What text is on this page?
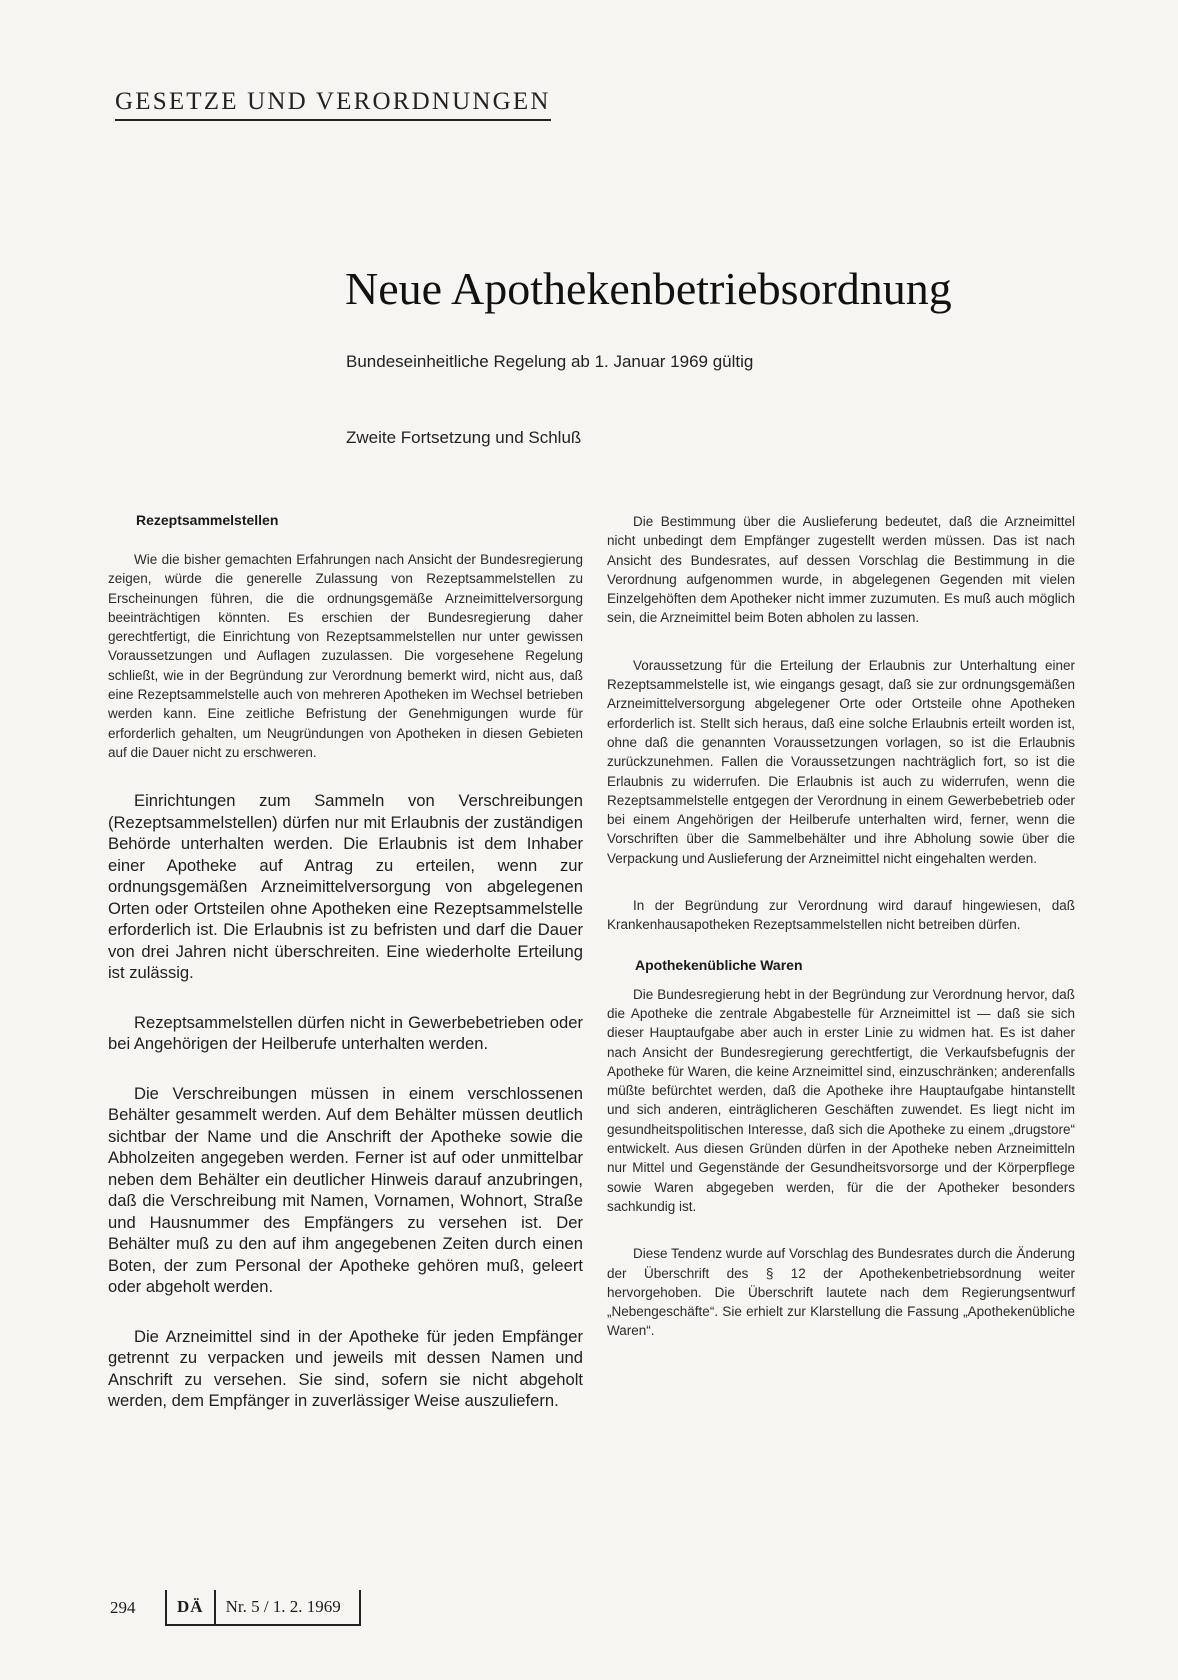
GESETZE UND VERORDNUNGEN
Neue Apothekenbetriebsordnung
Bundeseinheitliche Regelung ab 1. Januar 1969 gültig
Zweite Fortsetzung und Schluß
Rezeptsammelstellen

Wie die bisher gemachten Erfahrungen nach Ansicht der Bundesregierung zeigen, würde die generelle Zulassung von Rezeptsammelstellen zu Erscheinungen führen, die die ordnungsgemäße Arzneimittelversorgung beeinträchtigen könnten. Es erschien der Bundesregierung daher gerechtfertigt, die Einrichtung von Rezeptsammelstellen nur unter gewissen Voraussetzungen und Auflagen zuzulassen. Die vorgesehene Regelung schließt, wie in der Begründung zur Verordnung bemerkt wird, nicht aus, daß eine Rezeptsammelstelle auch von mehreren Apotheken im Wechsel betrieben werden kann. Eine zeitliche Befristung der Genehmigungen wurde für erforderlich gehalten, um Neugründungen von Apotheken in diesen Gebieten auf die Dauer nicht zu erschweren.

Einrichtungen zum Sammeln von Verschreibungen (Rezeptsammelstellen) dürfen nur mit Erlaubnis der zuständigen Behörde unterhalten werden. Die Erlaubnis ist dem Inhaber einer Apotheke auf Antrag zu erteilen, wenn zur ordnungsgemäßen Arzneimittelversorgung von abgelegenen Orten oder Ortsteilen ohne Apotheken eine Rezeptsammelstelle erforderlich ist. Die Erlaubnis ist zu befristen und darf die Dauer von drei Jahren nicht überschreiten. Eine wiederholte Erteilung ist zulässig.

Rezeptsammelstellen dürfen nicht in Gewerbebetrieben oder bei Angehörigen der Heilberufe unterhalten werden.

Die Verschreibungen müssen in einem verschlossenen Behälter gesammelt werden. Auf dem Behälter müssen deutlich sichtbar der Name und die Anschrift der Apotheke sowie die Abholzeiten angegeben werden. Ferner ist auf oder unmittelbar neben dem Behälter ein deutlicher Hinweis darauf anzubringen, daß die Verschreibung mit Namen, Vornamen, Wohnort, Straße und Hausnummer des Empfängers zu versehen ist. Der Behälter muß zu den auf ihm angegebenen Zeiten durch einen Boten, der zum Personal der Apotheke gehören muß, geleert oder abgeholt werden.

Die Arzneimittel sind in der Apotheke für jeden Empfänger getrennt zu verpacken und jeweils mit dessen Namen und Anschrift zu versehen. Sie sind, sofern sie nicht abgeholt werden, dem Empfänger in zuverlässiger Weise auszuliefern.

Die Bestimmung über die Auslieferung bedeutet, daß die Arzneimittel nicht unbedingt dem Empfänger zugestellt werden müssen. Das ist nach Ansicht des Bundesrates, auf dessen Vorschlag die Bestimmung in die Verordnung aufgenommen wurde, in abgelegenen Gegenden mit vielen Einzelgehöften dem Apotheker nicht immer zuzumuten. Es muß auch möglich sein, die Arzneimittel beim Boten abholen zu lassen.

Voraussetzung für die Erteilung der Erlaubnis zur Unterhaltung einer Rezeptsammelstelle ist, wie eingangs gesagt, daß sie zur ordnungsgemäßen Arzneimittelversorgung abgelegener Orte oder Ortsteile ohne Apotheken erforderlich ist. Stellt sich heraus, daß eine solche Erlaubnis erteilt worden ist, ohne daß die genannten Voraussetzungen vorlagen, so ist die Erlaubnis zurückzunehmen. Fallen die Voraussetzungen nachträglich fort, so ist die Erlaubnis zu widerrufen. Die Erlaubnis ist auch zu widerrufen, wenn die Rezeptsammelstelle entgegen der Verordnung in einem Gewerbebetrieb oder bei einem Angehörigen der Heilberufe unterhalten wird, ferner, wenn die Vorschriften über die Sammelbehälter und ihre Abholung sowie über die Verpackung und Auslieferung der Arzneimittel nicht eingehalten werden.

In der Begründung zur Verordnung wird darauf hingewiesen, daß Krankenhausapotheken Rezeptsammelstellen nicht betreiben dürfen.

Apothekenübliche Waren

Die Bundesregierung hebt in der Begründung zur Verordnung hervor, daß die Apotheke die zentrale Abgabestelle für Arzneimittel ist — daß sie sich dieser Hauptaufgabe aber auch in erster Linie zu widmen hat. Es ist daher nach Ansicht der Bundesregierung gerechtfertigt, die Verkaufsbefugnis der Apotheke für Waren, die keine Arzneimittel sind, einzuschränken; anderenfalls müßte befürchtet werden, daß die Apotheke ihre Hauptaufgabe hintanstellt und sich anderen, einträglicheren Geschäften zuwendet. Es liegt nicht im gesundheitspolitischen Interesse, daß sich die Apotheke zu einem „drugstore“ entwickelt. Aus diesen Gründen dürfen in der Apotheke neben Arzneimitteln nur Mittel und Gegenstände der Gesundheitsvorsorge und der Körperpflege sowie Waren abgegeben werden, für die der Apotheker besonders sachkundig ist.

Diese Tendenz wurde auf Vorschlag des Bundesrates durch die Änderung der Überschrift des § 12 der Apothekenbetriebsordnung weiter hervorgehoben. Die Überschrift lautete nach dem Regierungsentwurf „Nebengeschäfte“. Sie erhielt zur Klarstellung die Fassung „Apothekenübliche Waren“.

294	DÄ	Nr. 5 / 1. 2. 1969
